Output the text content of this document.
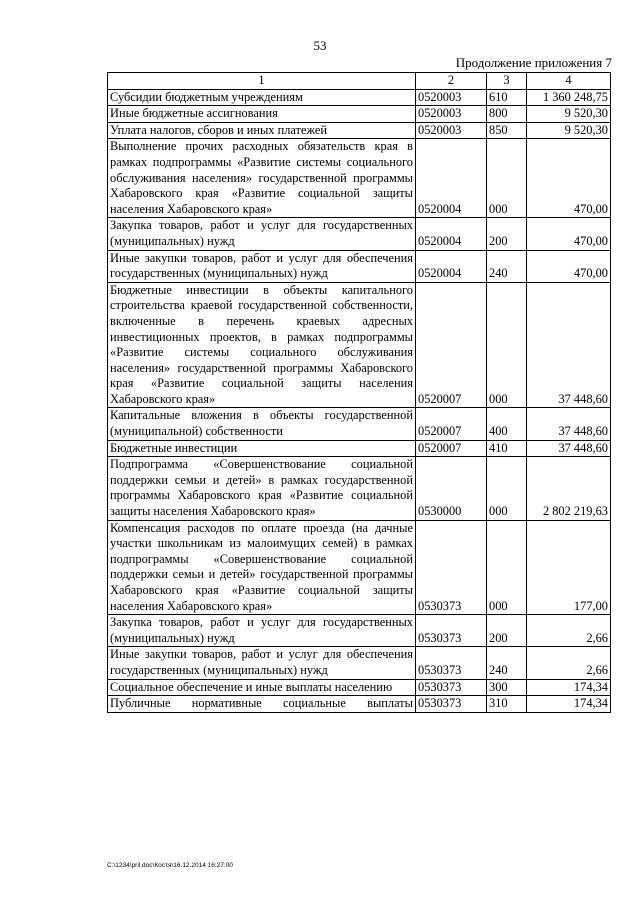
53
Продолжение приложения 7
1	2	3	4
Субсидии бюджетным учреждениям	0520003	610	1 360 248,75
Иные бюджетные ассигнования	0520003	800	9 520,30
Уплата налогов, сборов и иных платежей	0520003	850	9 520,30
Выполнение прочих расходных обязательств края в рамках подпрограммы «Развитие системы социального обслуживания населения» государственной программы Хабаровского края «Развитие социальной защиты населения Хабаровского края»	0520004	000	470,00
Закупка товаров, работ и услуг для государственных (муниципальных) нужд	0520004	200	470,00
Иные закупки товаров, работ и услуг для обеспечения государственных (муниципальных) нужд	0520004	240	470,00
Бюджетные инвестиции в объекты капитального строительства краевой государственной собственности, включенные в перечень краевых адресных инвестиционных проектов, в рамках подпрограммы «Развитие системы социального обслуживания населения» государственной программы Хабаровского края «Развитие социальной защиты населения Хабаровского края»	0520007	000	37 448,60
Капитальные вложения в объекты государственной (муниципальной) собственности	0520007	400	37 448,60
Бюджетные инвестиции	0520007	410	37 448,60
Подпрограмма «Совершенствование социальной поддержки семьи и детей» в рамках государственной программы Хабаровского края «Развитие социальной защиты населения Хабаровского края»	0530000	000	2 802 219,63
Компенсация расходов по оплате проезда (на дачные участки школьникам из малоимущих семей) в рамках подпрограммы «Совершенствование социальной поддержки семьи и детей» государственной программы Хабаровского края «Развитие социальной защиты населения Хабаровского края»	0530373	000	177,00
Закупка товаров, работ и услуг для государственных (муниципальных) нужд	0530373	200	2,66
Иные закупки товаров, работ и услуг для обеспечения государственных (муниципальных) нужд	0530373	240	2,66
Социальное обеспечение и иные выплаты населению	0530373	300	174,34
Публичные нормативные социальные выплаты	0530373	310	174,34
C:\1234\pril.doc\Костя\16.12.2014 16:27:00
